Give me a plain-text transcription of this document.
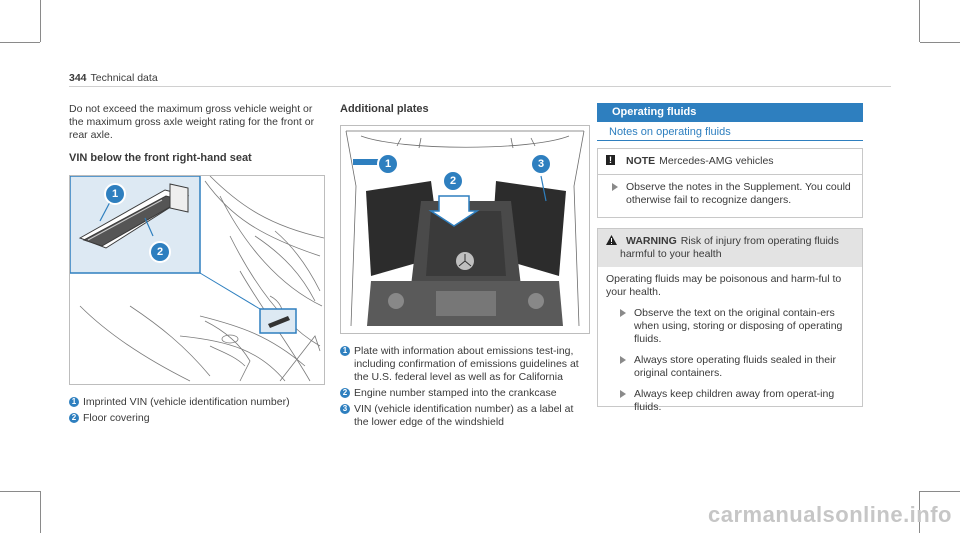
344 Technical data

Do not exceed the maximum gross vehicle weight or the maximum gross axle weight rating for the front or rear axle.

VIN below the front right-hand seat

1
2
1 Imprinted VIN (vehicle identification number)
2 Floor covering

Additional plates

1
2
3
1 Plate with information about emissions test-ing, including confirmation of emissions guidelines at the U.S. federal level as well as for California
2 Engine number stamped into the crankcase
3 VIN (vehicle identification number) as a label at the lower edge of the windshield
Operating fluids
Notes on operating fluids
! NOTE Mercedes-AMG vehicles
Observe the notes in the Supplement. You could otherwise fail to recognize dangers.
WARNING Risk of injury from operating fluids harmful to your health
Operating fluids may be poisonous and harm-ful to your health.
Observe the text on the original contain-ers when using, storing or disposing of operating fluids.
Always store operating fluids sealed in their original containers.
Always keep children away from operat-ing fluids.
carmanualsonline.info
